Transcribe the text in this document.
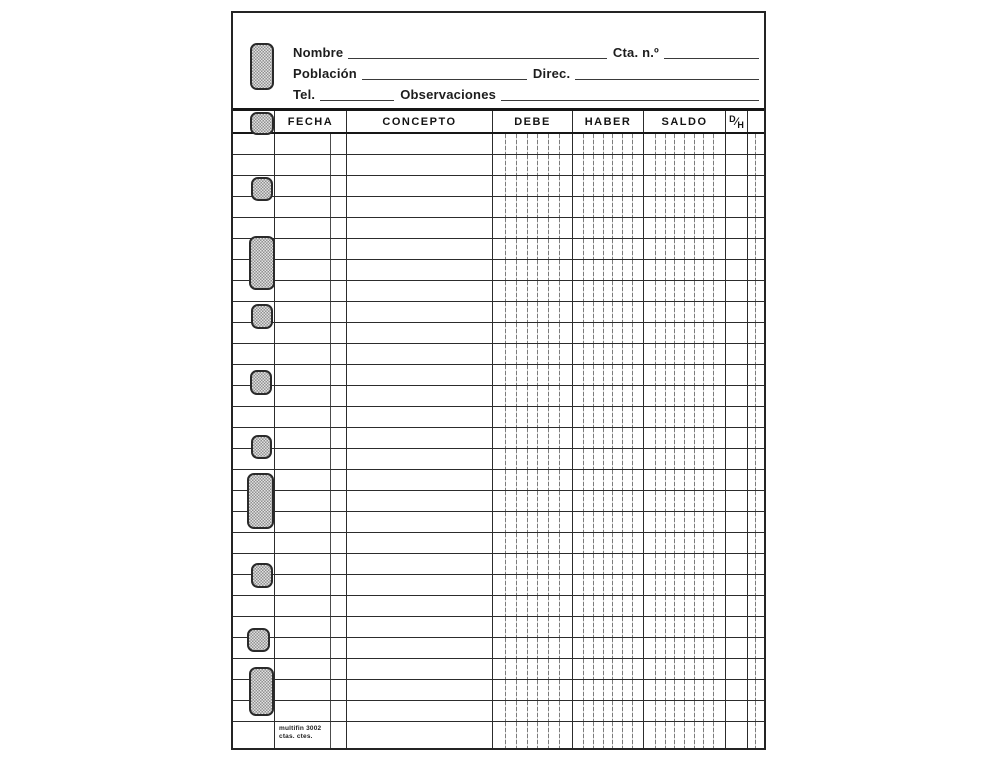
Nombre	Cta. n.º
Población	Direc.
Tel.	Observaciones
FECHA	CONCEPTO	DEBE	HABER	SALDO D⁄H
multifin 3002
ctas. ctes.
